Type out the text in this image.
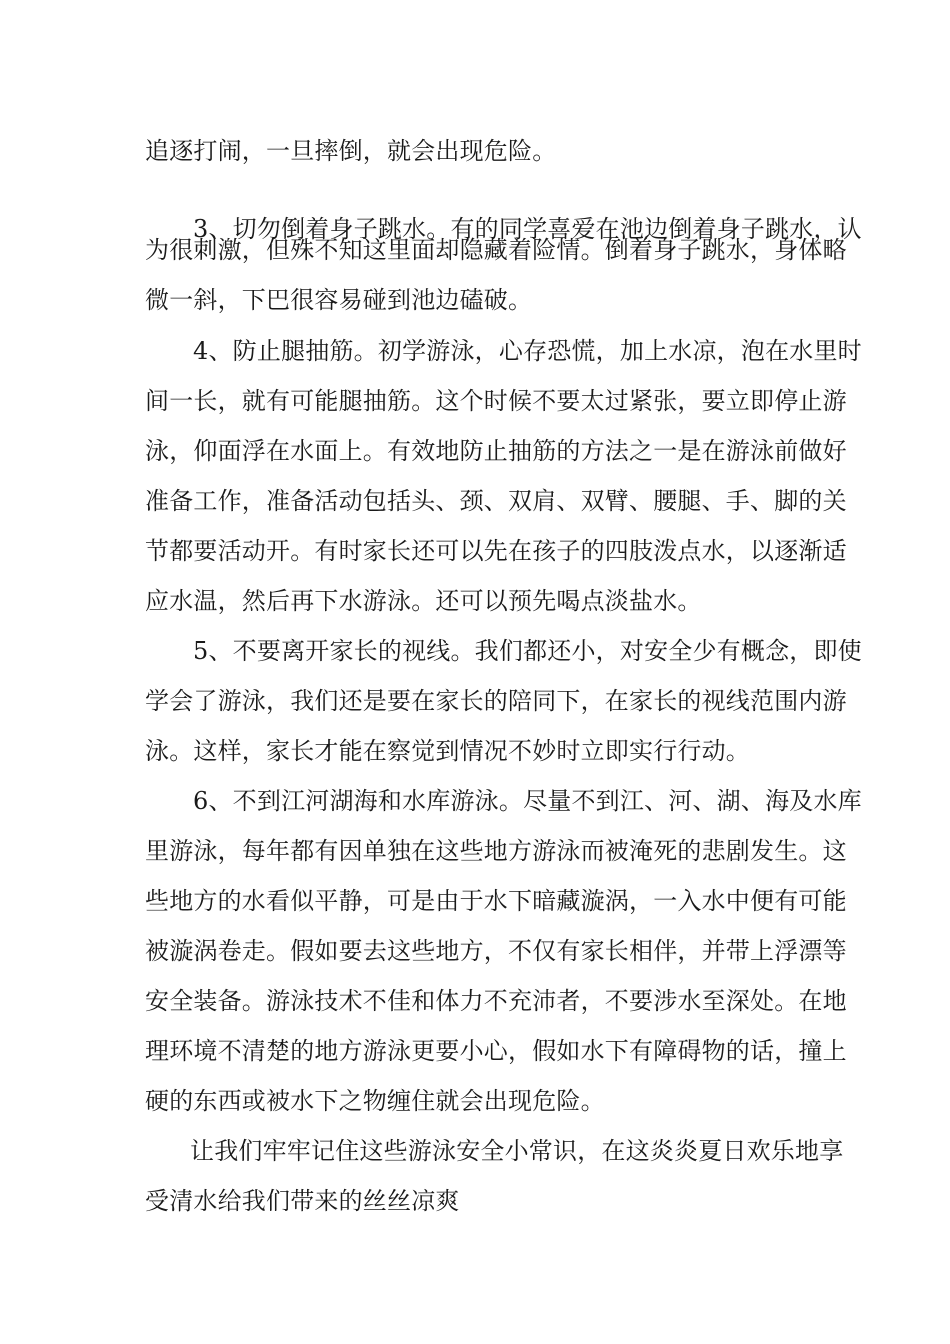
追逐打闹，一旦摔倒，就会出现危险。
3、切勿倒着身子跳水。有的同学喜爱在池边倒着身子跳水，认
为很刺激，但殊不知这里面却隐藏着险情。倒着身子跳水，身体略
微一斜，下巴很容易碰到池边磕破。
4、防止腿抽筋。初学游泳，心存恐慌，加上水凉，泡在水里时
间一长，就有可能腿抽筋。这个时候不要太过紧张，要立即停止游
泳，仰面浮在水面上。有效地防止抽筋的方法之一是在游泳前做好
准备工作，准备活动包括头、颈、双肩、双臂、腰腿、手、脚的关
节都要活动开。有时家长还可以先在孩子的四肢泼点水，以逐渐适
应水温，然后再下水游泳。还可以预先喝点淡盐水。
5、不要离开家长的视线。我们都还小，对安全少有概念，即使
学会了游泳，我们还是要在家长的陪同下，在家长的视线范围内游
泳。这样，家长才能在察觉到情况不妙时立即实行行动。
6、不到江河湖海和水库游泳。尽量不到江、河、湖、海及水库
里游泳，每年都有因单独在这些地方游泳而被淹死的悲剧发生。这
些地方的水看似平静，可是由于水下暗藏漩涡，一入水中便有可能
被漩涡卷走。假如要去这些地方，不仅有家长相伴，并带上浮漂等
安全装备。游泳技术不佳和体力不充沛者，不要涉水至深处。在地
理环境不清楚的地方游泳更要小心，假如水下有障碍物的话，撞上
硬的东西或被水下之物缠住就会出现危险。
让我们牢牢记住这些游泳安全小常识，在这炎炎夏日欢乐地享
受清水给我们带来的丝丝凉爽
